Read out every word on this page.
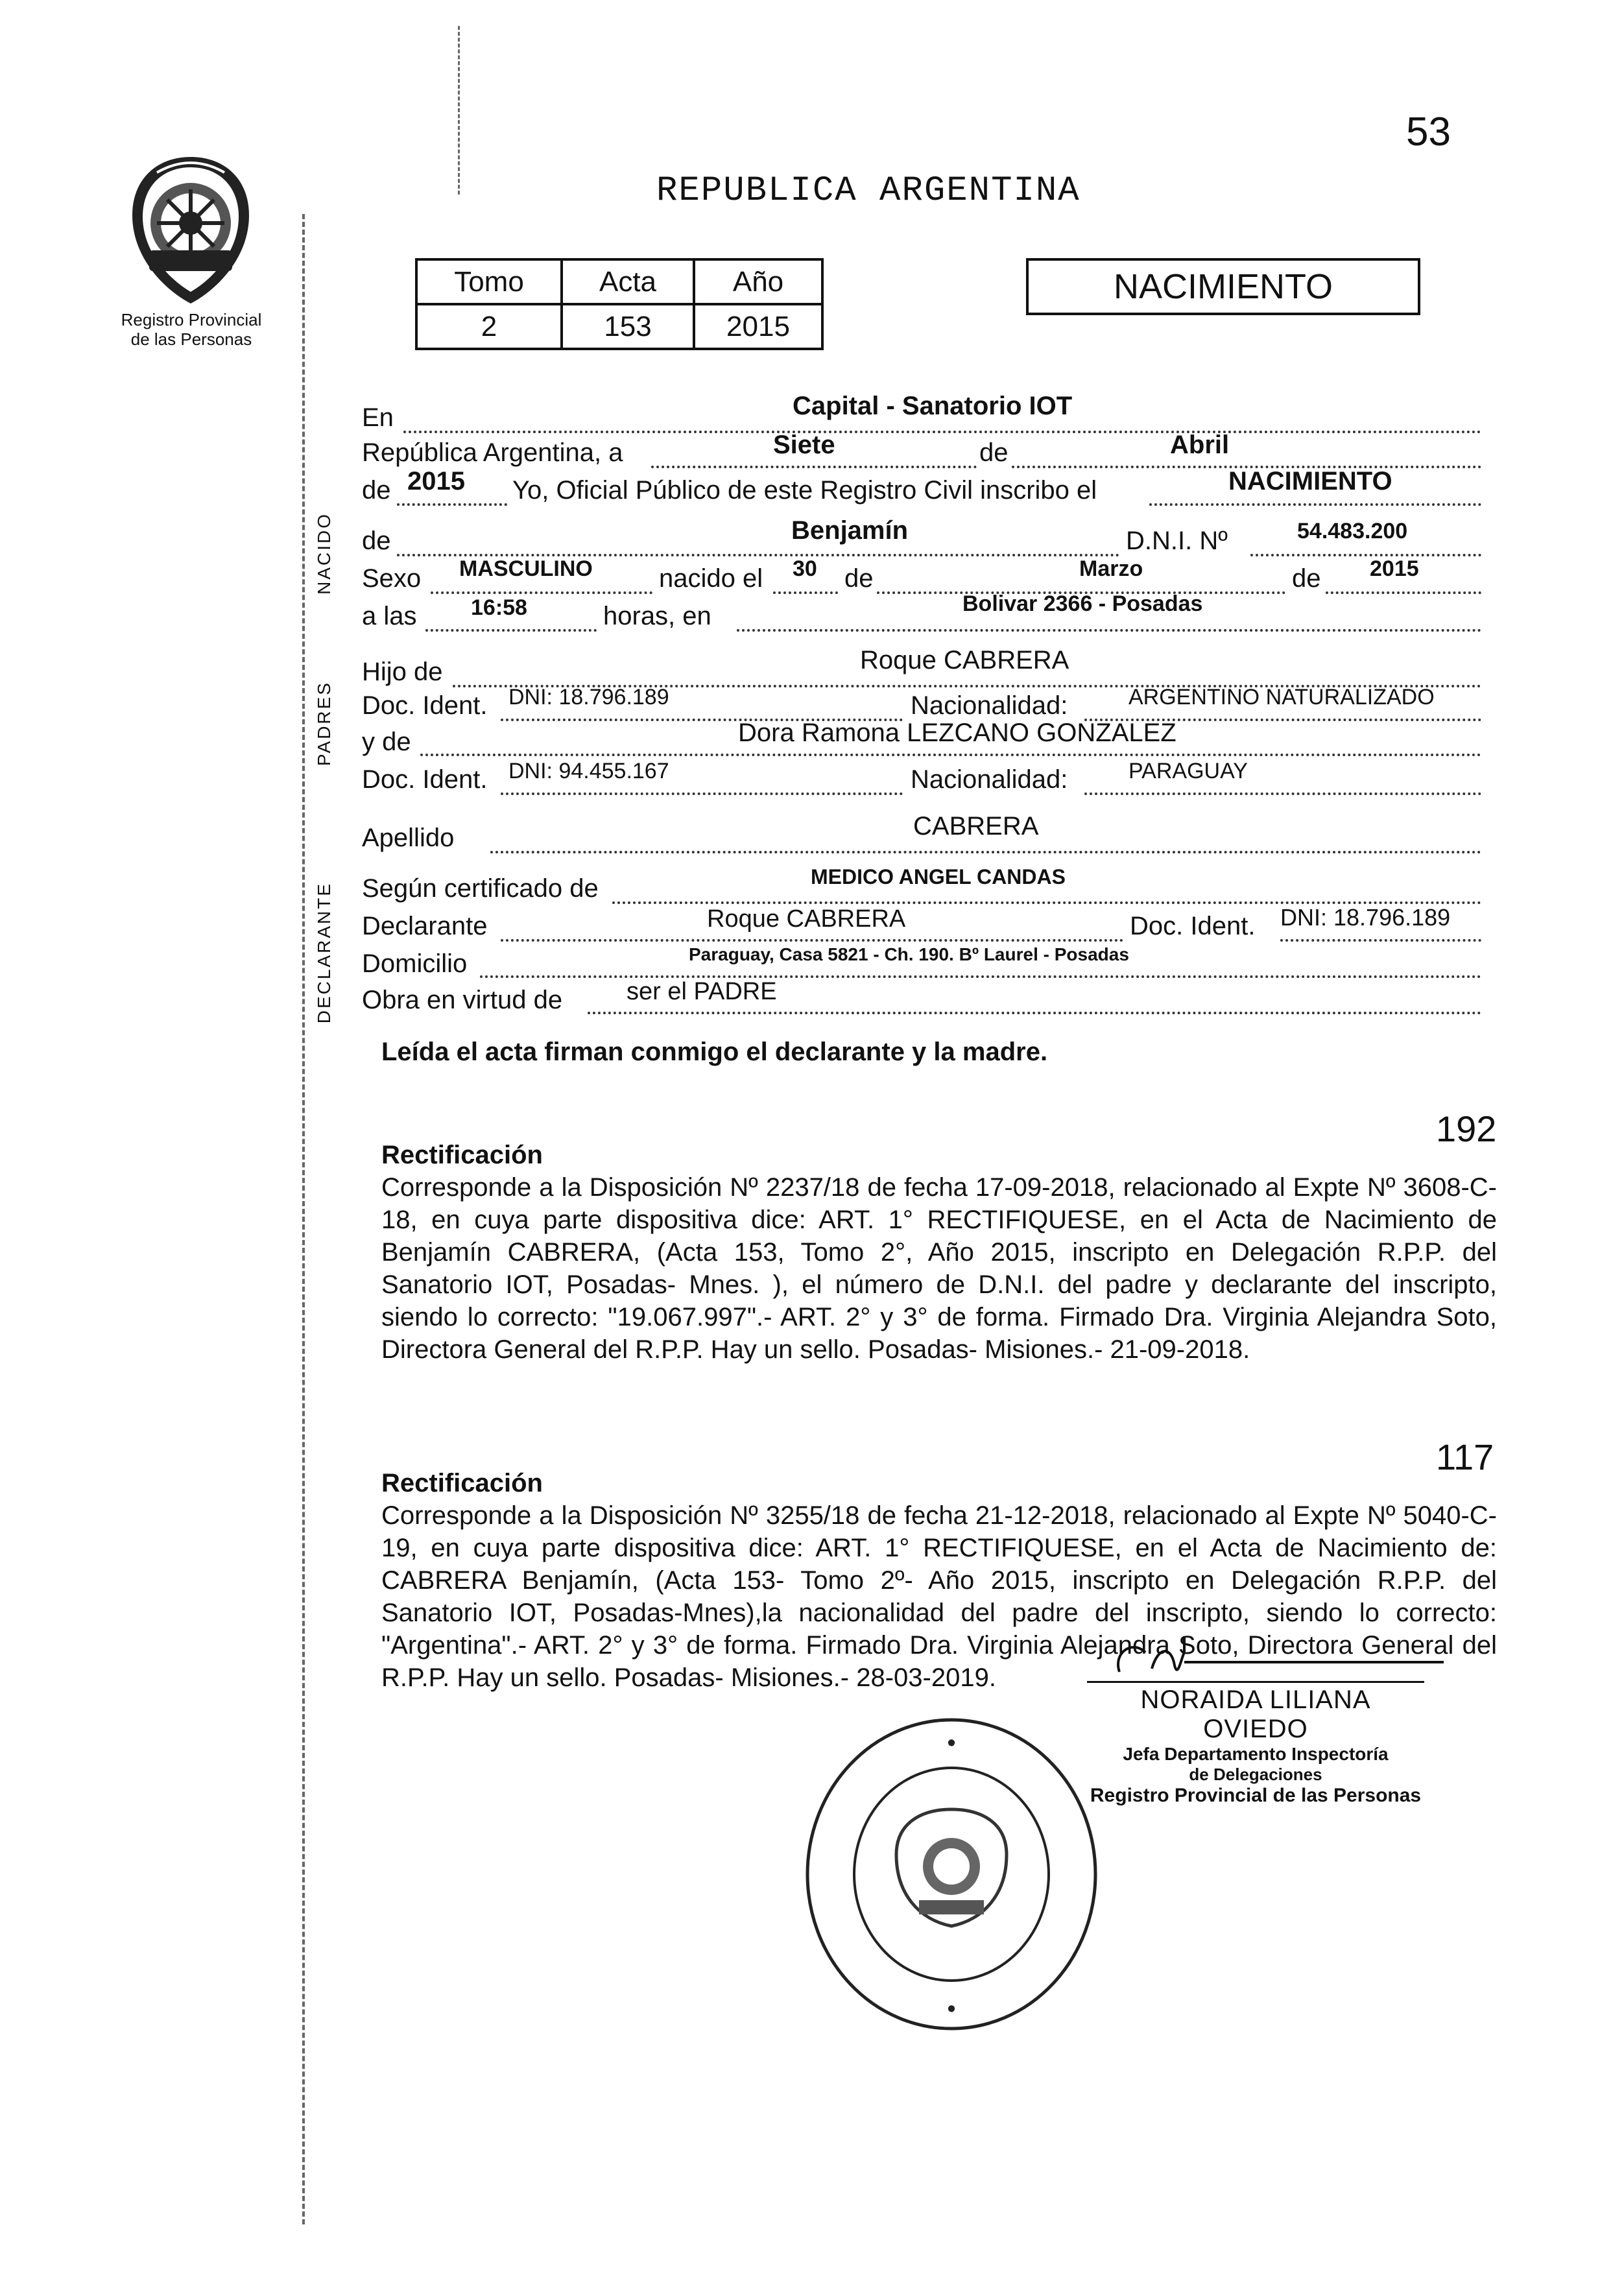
53
Registro Provincial
de las Personas
REPUBLICA ARGENTINA
Tomo	Acta	Año
2	153	2015
NACIMIENTO
NACIDO
PADRES
DECLARANTE
En	Capital - Sanatorio IOT
República Argentina, a	Siete	de	Abril
de 2015 Yo, Oficial Público de este Registro Civil inscribo el	NACIMIENTO
de	Benjamín	D.N.I. Nº	54.483.200
Sexo MASCULINO	nacido el 30 de	Marzo	de 2015
a las 16:58	horas, en	Bolivar 2366 - Posadas
Hijo de	Roque CABRERA
Doc. Ident. DNI: 18.796.189	Nacionalidad:	ARGENTINO NATURALIZADO
y de	Dora Ramona LEZCANO GONZALEZ
Doc. Ident. DNI: 94.455.167	Nacionalidad:	PARAGUAY
Apellido	CABRERA
Según certificado de	MEDICO ANGEL CANDAS
Declarante	Roque CABRERA	Doc. Ident. DNI: 18.796.189
Domicilio	Paraguay, Casa 5821 - Ch. 190. Bº Laurel - Posadas
Obra en virtud de	ser el PADRE
Leída el acta firman conmigo el declarante y la madre.
192
Rectificación
Corresponde a la Disposición Nº 2237/18 de fecha 17-09-2018, relacionado al Expte Nº 3608-C-18, en cuya parte dispositiva dice: ART. 1° RECTIFIQUESE, en el Acta de Nacimiento de Benjamín CABRERA, (Acta 153, Tomo 2°, Año 2015, inscripto en Delegación R.P.P. del Sanatorio IOT, Posadas- Mnes. ), el número de D.N.I. del padre y declarante del inscripto, siendo lo correcto: "19.067.997".- ART. 2° y 3° de forma. Firmado Dra. Virginia Alejandra Soto, Directora General del R.P.P. Hay un sello. Posadas- Misiones.- 21-09-2018.
117
Rectificación
Corresponde a la Disposición Nº 3255/18 de fecha 21-12-2018, relacionado al Expte Nº 5040-C-19, en cuya parte dispositiva dice: ART. 1° RECTIFIQUESE, en el Acta de Nacimiento de: CABRERA Benjamín, (Acta 153- Tomo 2º- Año 2015, inscripto en Delegación R.P.P. del Sanatorio IOT, Posadas-Mnes),la nacionalidad del padre del inscripto, siendo lo correcto: "Argentina".- ART. 2° y 3° de forma. Firmado Dra. Virginia Alejandra Soto, Directora General del R.P.P. Hay un sello. Posadas- Misiones.- 28-03-2019.
•
•
NORAIDA LILIANA OVIEDO
Jefa Departamento Inspectoría
de Delegaciones
Registro Provincial de las Personas
